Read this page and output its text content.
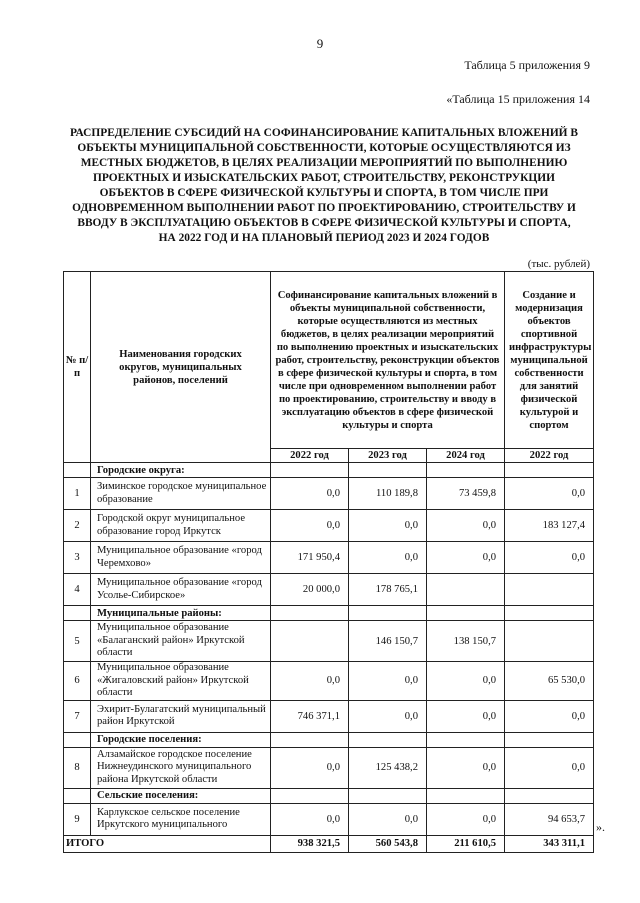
9
Таблица 5 приложения 9
«Таблица 15 приложения 14
РАСПРЕДЕЛЕНИЕ СУБСИДИЙ НА СОФИНАНСИРОВАНИЕ КАПИТАЛЬНЫХ ВЛОЖЕНИЙ В
ОБЪЕКТЫ МУНИЦИПАЛЬНОЙ СОБСТВЕННОСТИ, КОТОРЫЕ ОСУЩЕСТВЛЯЮТСЯ ИЗ
МЕСТНЫХ БЮДЖЕТОВ, В ЦЕЛЯХ РЕАЛИЗАЦИИ МЕРОПРИЯТИЙ ПО ВЫПОЛНЕНИЮ
ПРОЕКТНЫХ И ИЗЫСКАТЕЛЬСКИХ РАБОТ, СТРОИТЕЛЬСТВУ, РЕКОНСТРУКЦИИ
ОБЪЕКТОВ В СФЕРЕ ФИЗИЧЕСКОЙ КУЛЬТУРЫ И СПОРТА, В ТОМ ЧИСЛЕ ПРИ
ОДНОВРЕМЕННОМ ВЫПОЛНЕНИИ РАБОТ ПО ПРОЕКТИРОВАНИЮ, СТРОИТЕЛЬСТВУ И
ВВОДУ В ЭКСПЛУАТАЦИЮ ОБЪЕКТОВ В СФЕРЕ ФИЗИЧЕСКОЙ КУЛЬТУРЫ И СПОРТА,
НА 2022 ГОД И НА ПЛАНОВЫЙ ПЕРИОД 2023 И 2024 ГОДОВ
(тыс. рублей)
№ п/п	Наименования городских округов, муниципальных районов, поселений	Софинансирование капитальных вложений в объекты муниципальной собственности, которые осуществляются из местных бюджетов, в целях реализации мероприятий по выполнению проектных и изыскательских работ, строительству, реконструкции объектов в сфере физической культуры и спорта, в том числе при одновременном выполнении работ по проектированию, строительству и вводу в эксплуатацию объектов в сфере физической культуры и спорта			Создание и модернизация объектов спортивной инфраструктуры муниципальной собственности для занятий физической культурой и спортом
		2022 год	2023 год	2024 год	2022 год
	Городские округа:				
1	Зиминское городское муниципальное образование	0,0	110 189,8	73 459,8	0,0
2	Городской округ муниципальное образование город Иркутск	0,0	0,0	0,0	183 127,4
3	Муниципальное образование «город Черемхово»	171 950,4	0,0	0,0	0,0
4	Муниципальное образование «город Усолье-Сибирское»	20 000,0	178 765,1		
	Муниципальные районы:				
5	Муниципальное образование «Балаганский район» Иркутской области		146 150,7	138 150,7	
6	Муниципальное образование «Жигаловский район» Иркутской области	0,0	0,0	0,0	65 530,0
7	Эхирит-Булагатский муниципальный район Иркутской	746 371,1	0,0	0,0	0,0
	Городские поселения:				
8	Алзамайское городское поселение Нижнеудинского муниципального района Иркутской области	0,0	125 438,2	0,0	0,0
	Сельские поселения:				
9	Карлукское сельское поселение Иркутского муниципального	0,0	0,0	0,0	94 653,7
ИТОГО		938 321,5	560 543,8	211 610,5	343 311,1
».
